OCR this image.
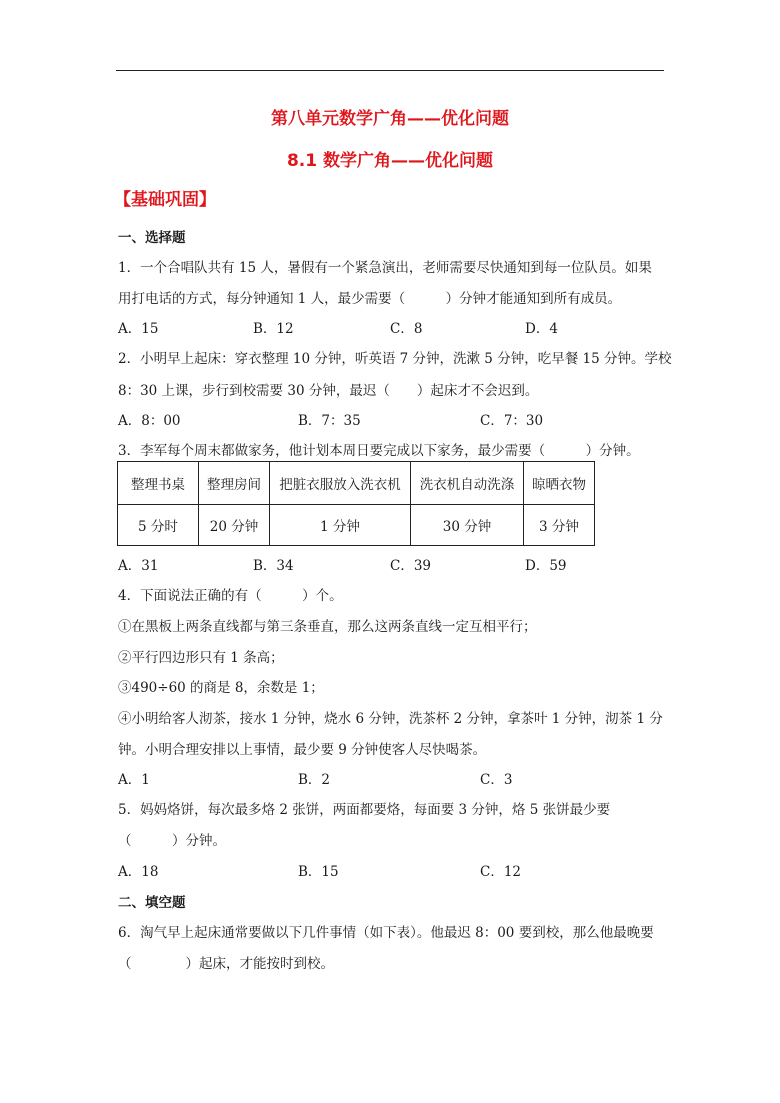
第八单元数学广角——优化问题
8.1 数学广角——优化问题
【基础巩固】
一、选择题
1．一个合唱队共有 15 人，暑假有一个紧急演出，老师需要尽快通知到每一位队员。如果
用打电话的方式，每分钟通知 1 人，最少需要（　　　）分钟才能通知到所有成员。
A．15	B．12	C．8	D．4
2．小明早上起床：穿衣整理 10 分钟，听英语 7 分钟，洗漱 5 分钟，吃早餐 15 分钟。学校
8：30 上课，步行到校需要 30 分钟，最迟（　　）起床才不会迟到。
A．8：00	B．7：35	C．7：30
3．李军每个周末都做家务，他计划本周日要完成以下家务，最少需要（　　　）分钟。
整理书桌	整理房间	把脏衣服放入洗衣机	洗衣机自动洗涤	晾晒衣物
5 分时	20 分钟	1 分钟	30 分钟	3 分钟
A．31	B．34	C．39	D．59
4．下面说法正确的有（　　　）个。
①在黑板上两条直线都与第三条垂直，那么这两条直线一定互相平行；
②平行四边形只有 1 条高；
③490÷60 的商是 8，余数是 1；
④小明给客人沏茶，接水 1 分钟，烧水 6 分钟，洗茶杯 2 分钟，拿茶叶 1 分钟，沏茶 1 分
钟。小明合理安排以上事情，最少要 9 分钟使客人尽快喝茶。
A．1	B．2	C．3
5．妈妈烙饼，每次最多烙 2 张饼，两面都要烙，每面要 3 分钟，烙 5 张饼最少要
（　　　）分钟。
A．18	B．15	C．12
二、填空题
6．淘气早上起床通常要做以下几件事情（如下表）。他最迟 8：00 要到校，那么他最晚要
（　　　　）起床，才能按时到校。
